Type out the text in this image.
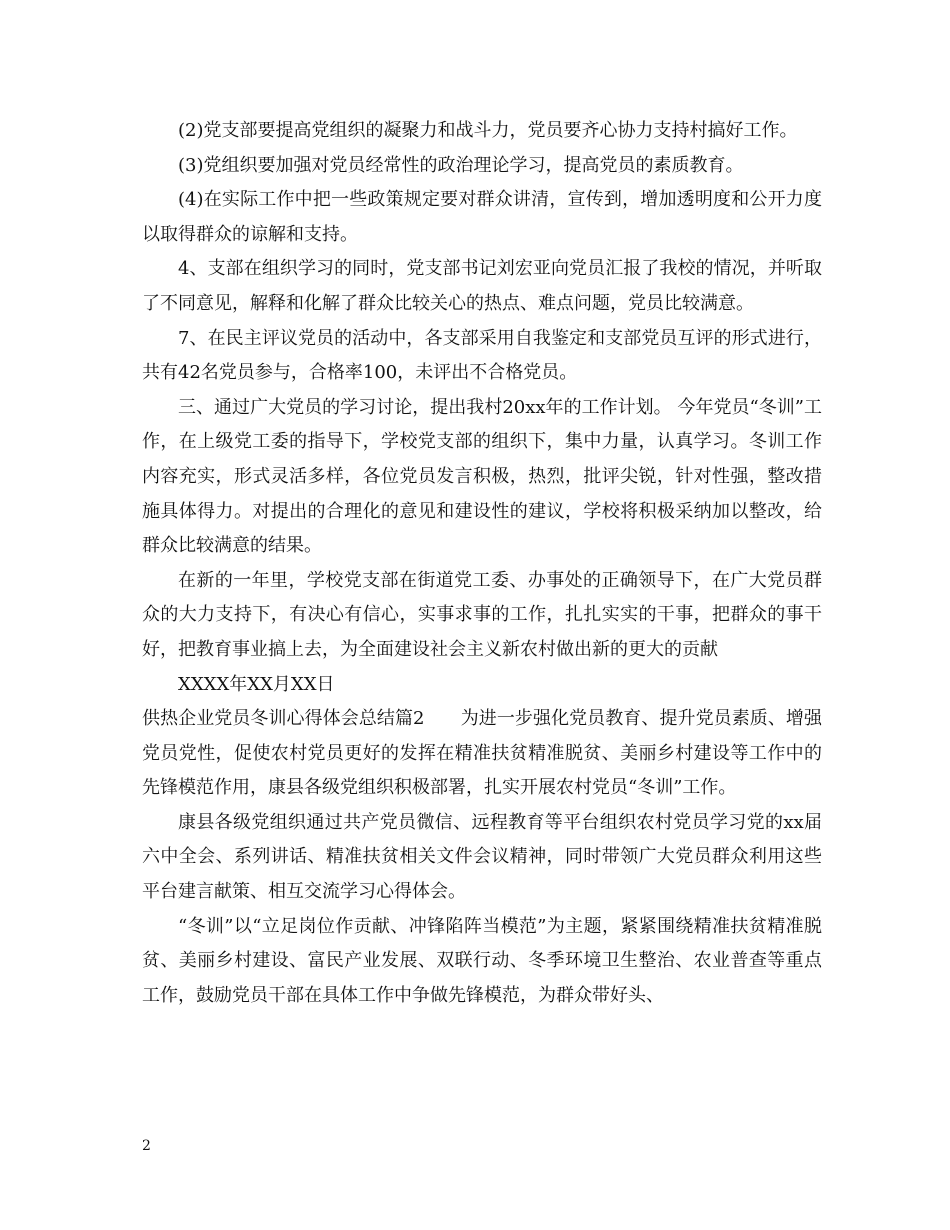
(2)党支部要提高党组织的凝聚力和战斗力，党员要齐心协力支持村搞好工作。

(3)党组织要加强对党员经常性的政治理论学习，提高党员的素质教育。

(4)在实际工作中把一些政策规定要对群众讲清，宣传到，增加透明度和公开力度以取得群众的谅解和支持。

4、支部在组织学习的同时，党支部书记刘宏亚向党员汇报了我校的情况，并听取了不同意见，解释和化解了群众比较关心的热点、难点问题，党员比较满意。

7、在民主评议党员的活动中，各支部采用自我鉴定和支部党员互评的形式进行，共有42名党员参与，合格率100，未评出不合格党员。

三、通过广大党员的学习讨论，提出我村20xx年的工作计划。 今年党员“冬训”工作，在上级党工委的指导下，学校党支部的组织下，集中力量，认真学习。冬训工作内容充实，形式灵活多样，各位党员发言积极，热烈，批评尖锐，针对性强，整改措施具体得力。对提出的合理化的意见和建设性的建议，学校将积极采纳加以整改，给群众比较满意的结果。

在新的一年里，学校党支部在街道党工委、办事处的正确领导下，在广大党员群众的大力支持下，有决心有信心，实事求事的工作，扎扎实实的干事，把群众的事干好，把教育事业搞上去，为全面建设社会主义新农村做出新的更大的贡献

XXXX年XX月XX日

供热企业党员冬训心得体会总结篇2　　为进一步强化党员教育、提升党员素质、增强党员党性，促使农村党员更好的发挥在精准扶贫精准脱贫、美丽乡村建设等工作中的先锋模范作用，康县各级党组织积极部署，扎实开展农村党员“冬训”工作。

康县各级党组织通过共产党员微信、远程教育等平台组织农村党员学习党的xx届六中全会、系列讲话、精准扶贫相关文件会议精神，同时带领广大党员群众利用这些平台建言献策、相互交流学习心得体会。

“冬训”以“立足岗位作贡献、冲锋陷阵当模范”为主题，紧紧围绕精准扶贫精准脱贫、美丽乡村建设、富民产业发展、双联行动、冬季环境卫生整治、农业普查等重点工作，鼓励党员干部在具体工作中争做先锋模范，为群众带好头、

2
